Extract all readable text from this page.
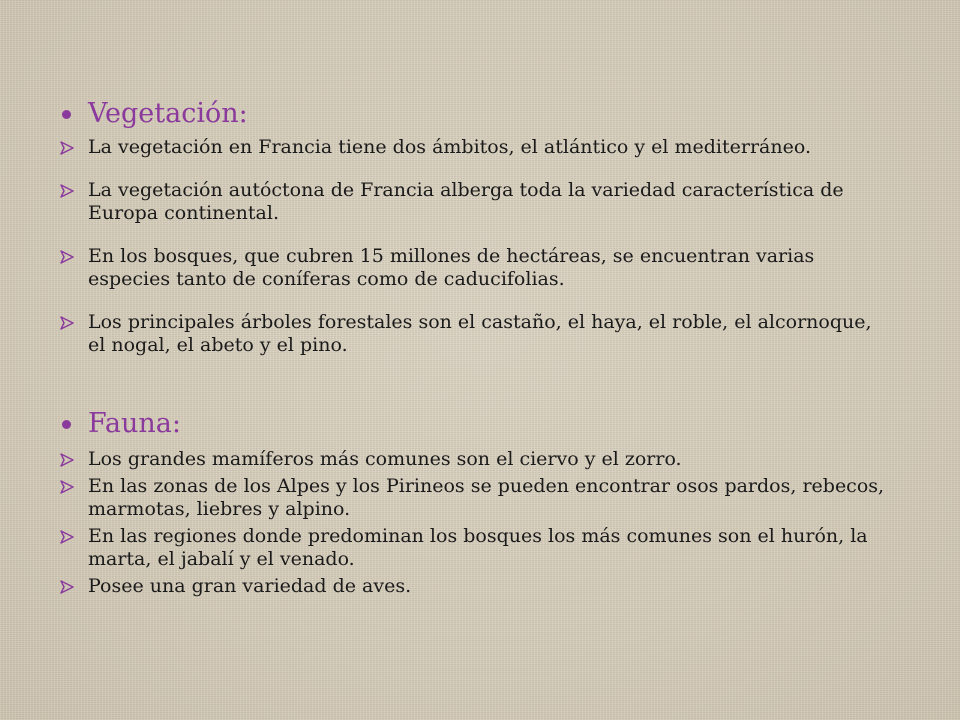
Vegetación:
La vegetación en Francia tiene dos ámbitos, el atlántico y el mediterráneo.
La vegetación autóctona de Francia alberga toda la variedad característica de Europa continental.
En los bosques, que cubren 15 millones de hectáreas, se encuentran varias especies tanto de coníferas como de caducifolias.
Los principales árboles forestales son el castaño, el haya, el roble, el alcornoque, el nogal, el abeto y el pino.
Fauna:
Los grandes mamíferos más comunes son el ciervo y el zorro.
En las zonas de los Alpes y los Pirineos se pueden encontrar osos pardos, rebecos, marmotas, liebres y alpino.
En las regiones donde predominan los bosques los más comunes son el hurón, la marta, el jabalí y el venado.
Posee una gran variedad de aves.
